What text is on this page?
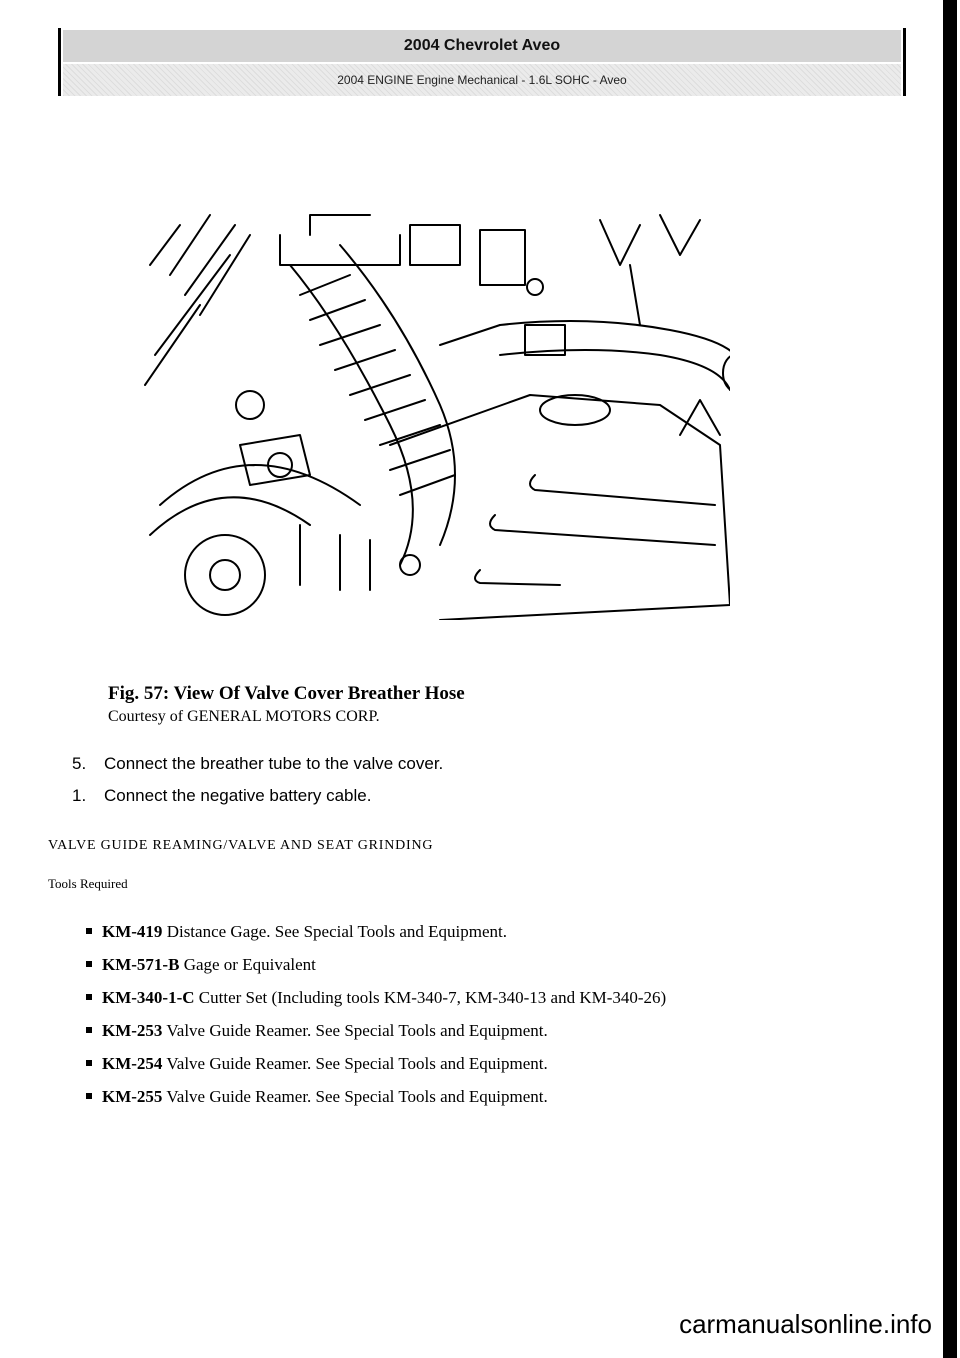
2004 Chevrolet Aveo
2004 ENGINE Engine Mechanical - 1.6L SOHC - Aveo
Fig. 57: View Of Valve Cover Breather Hose
Courtesy of GENERAL MOTORS CORP.
5. Connect the breather tube to the valve cover.
1. Connect the negative battery cable.
VALVE GUIDE REAMING/VALVE AND SEAT GRINDING
Tools Required
KM-419 Distance Gage. See Special Tools and Equipment.
KM-571-B Gage or Equivalent
KM-340-1-C Cutter Set (Including tools KM-340-7, KM-340-13 and KM-340-26)
KM-253 Valve Guide Reamer. See Special Tools and Equipment.
KM-254 Valve Guide Reamer. See Special Tools and Equipment.
KM-255 Valve Guide Reamer. See Special Tools and Equipment.
carmanualsonline.info
